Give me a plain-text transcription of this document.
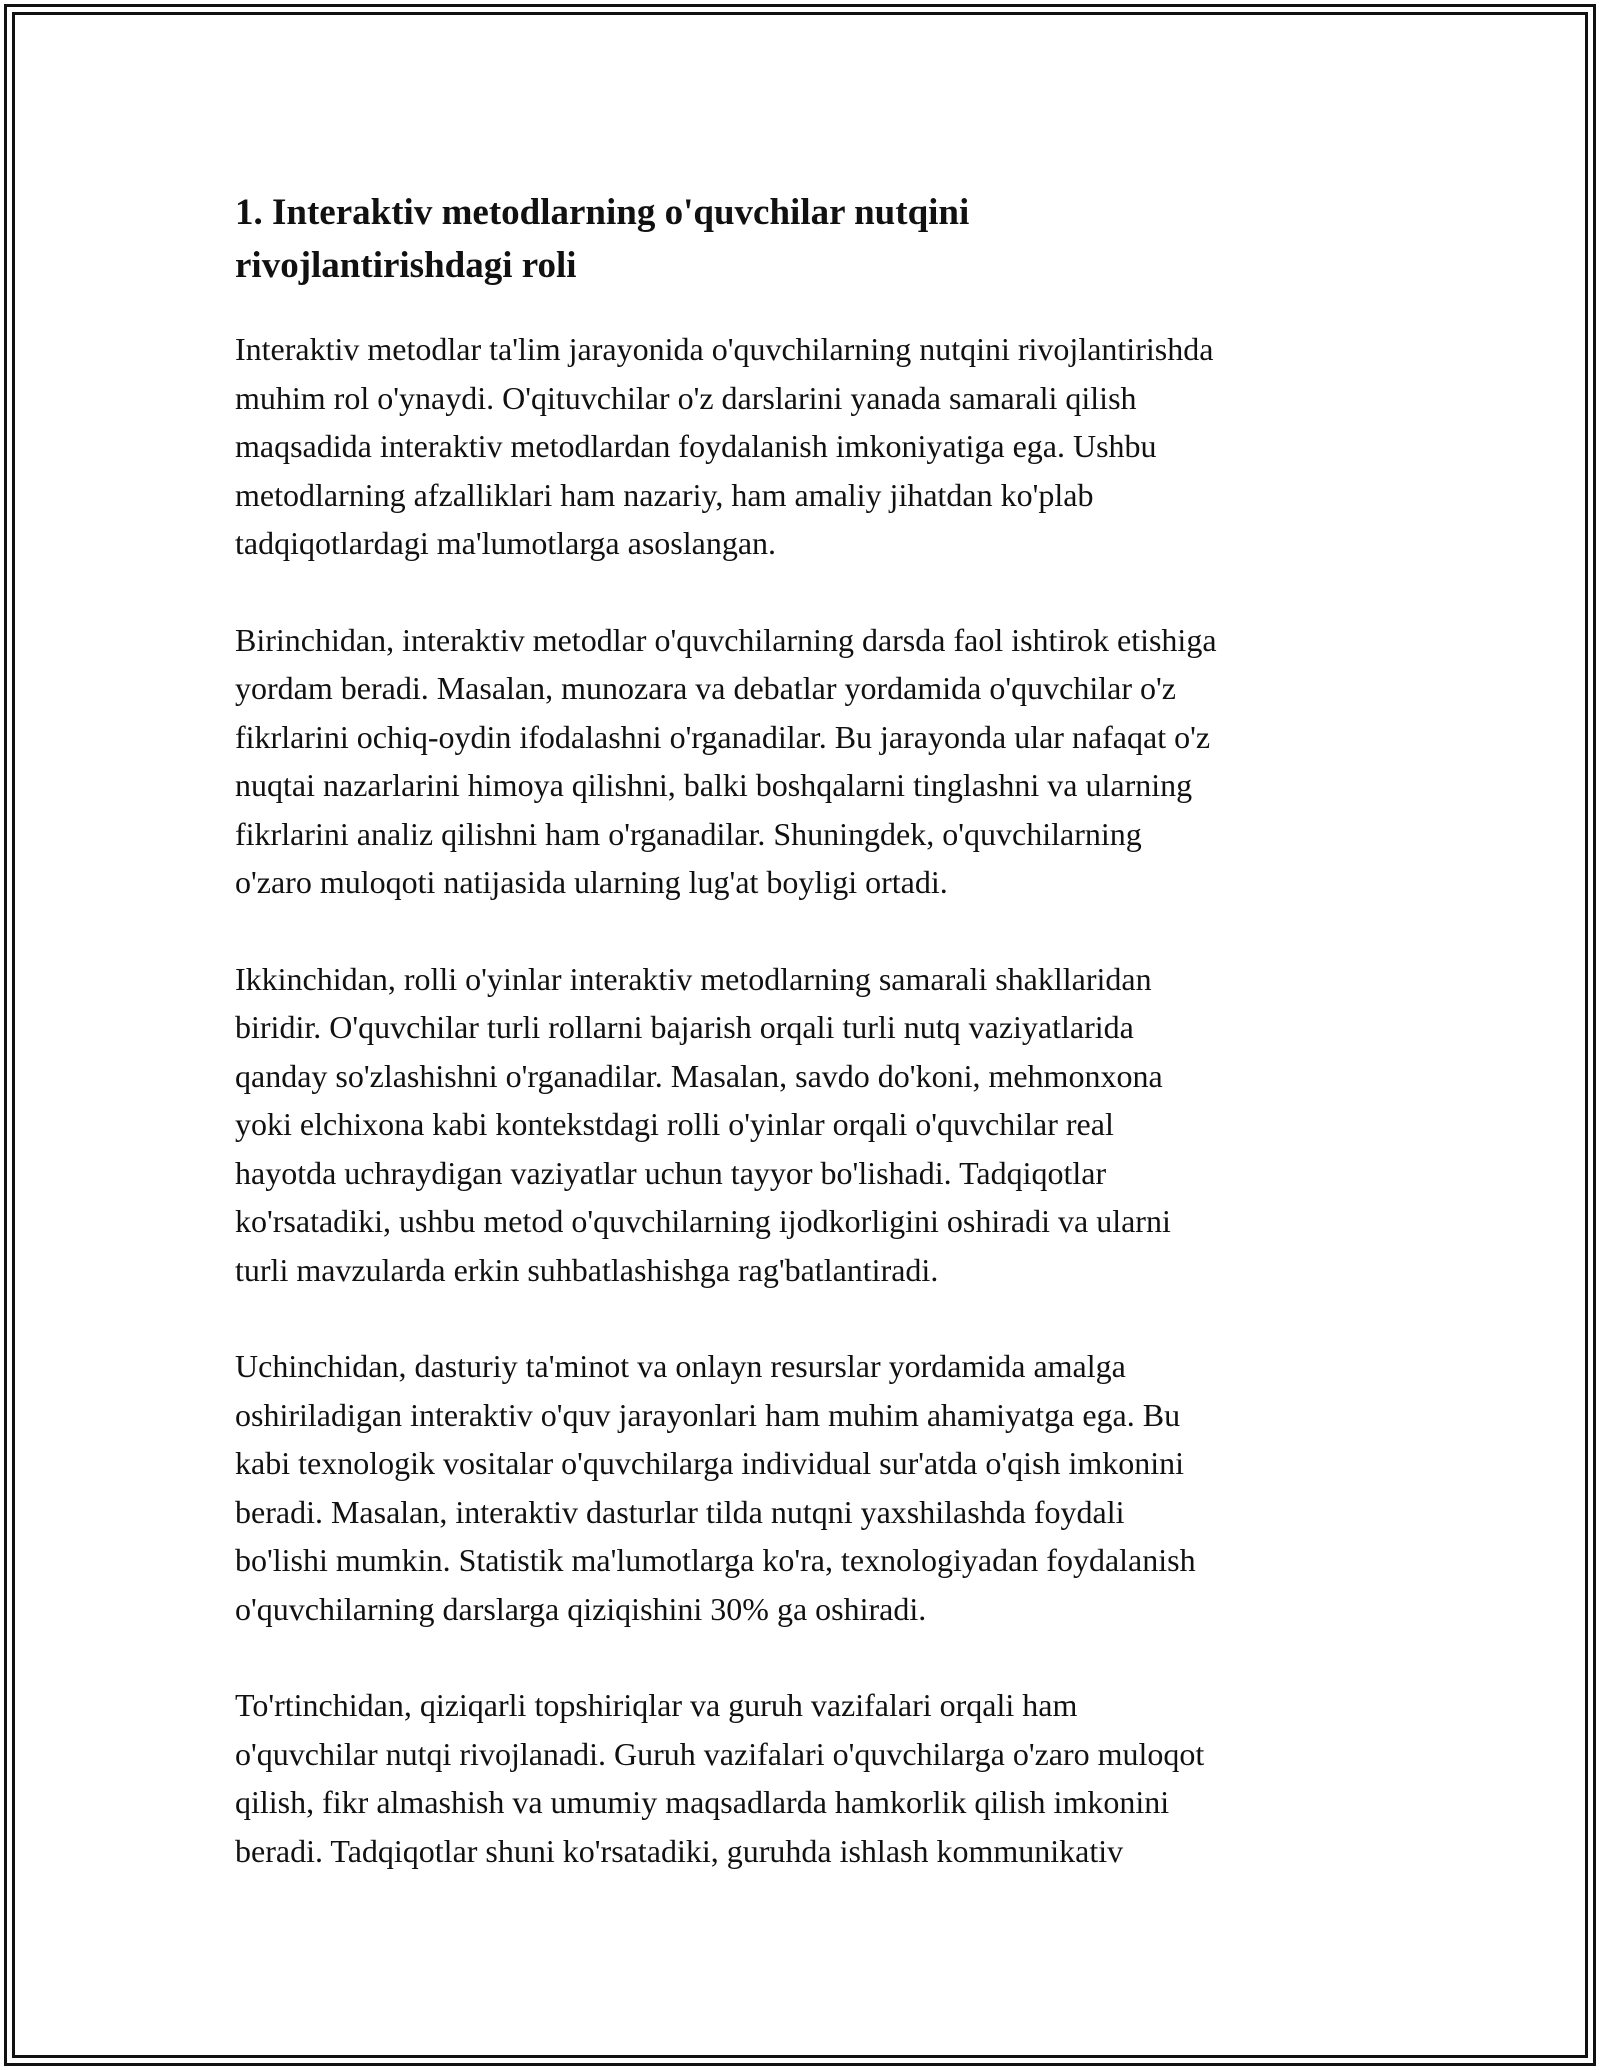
1. Interaktiv metodlarning o'quvchilar nutqini
rivojlantirishdagi roli

Interaktiv metodlar ta'lim jarayonida o'quvchilarning nutqini rivojlantirishda
muhim rol o'ynaydi. O'qituvchilar o'z darslarini yanada samarali qilish
maqsadida interaktiv metodlardan foydalanish imkoniyatiga ega. Ushbu
metodlarning afzalliklari ham nazariy, ham amaliy jihatdan ko'plab
tadqiqotlardagi ma'lumotlarga asoslangan.

Birinchidan, interaktiv metodlar o'quvchilarning darsda faol ishtirok etishiga
yordam beradi. Masalan, munozara va debatlar yordamida o'quvchilar o'z
fikrlarini ochiq-oydin ifodalashni o'rganadilar. Bu jarayonda ular nafaqat o'z
nuqtai nazarlarini himoya qilishni, balki boshqalarni tinglashni va ularning
fikrlarini analiz qilishni ham o'rganadilar. Shuningdek, o'quvchilarning
o'zaro muloqoti natijasida ularning lug'at boyligi ortadi.

Ikkinchidan, rolli o'yinlar interaktiv metodlarning samarali shakllaridan
biridir. O'quvchilar turli rollarni bajarish orqali turli nutq vaziyatlarida
qanday so'zlashishni o'rganadilar. Masalan, savdo do'koni, mehmonxona
yoki elchixona kabi kontekstdagi rolli o'yinlar orqali o'quvchilar real
hayotda uchraydigan vaziyatlar uchun tayyor bo'lishadi. Tadqiqotlar
ko'rsatadiki, ushbu metod o'quvchilarning ijodkorligini oshiradi va ularni
turli mavzularda erkin suhbatlashishga rag'batlantiradi.

Uchinchidan, dasturiy ta'minot va onlayn resurslar yordamida amalga
oshiriladigan interaktiv o'quv jarayonlari ham muhim ahamiyatga ega. Bu
kabi texnologik vositalar o'quvchilarga individual sur'atda o'qish imkonini
beradi. Masalan, interaktiv dasturlar tilda nutqni yaxshilashda foydali
bo'lishi mumkin. Statistik ma'lumotlarga ko'ra, texnologiyadan foydalanish
o'quvchilarning darslarga qiziqishini 30% ga oshiradi.

To'rtinchidan, qiziqarli topshiriqlar va guruh vazifalari orqali ham
o'quvchilar nutqi rivojlanadi. Guruh vazifalari o'quvchilarga o'zaro muloqot
qilish, fikr almashish va umumiy maqsadlarda hamkorlik qilish imkonini
beradi. Tadqiqotlar shuni ko'rsatadiki, guruhda ishlash kommunikativ
